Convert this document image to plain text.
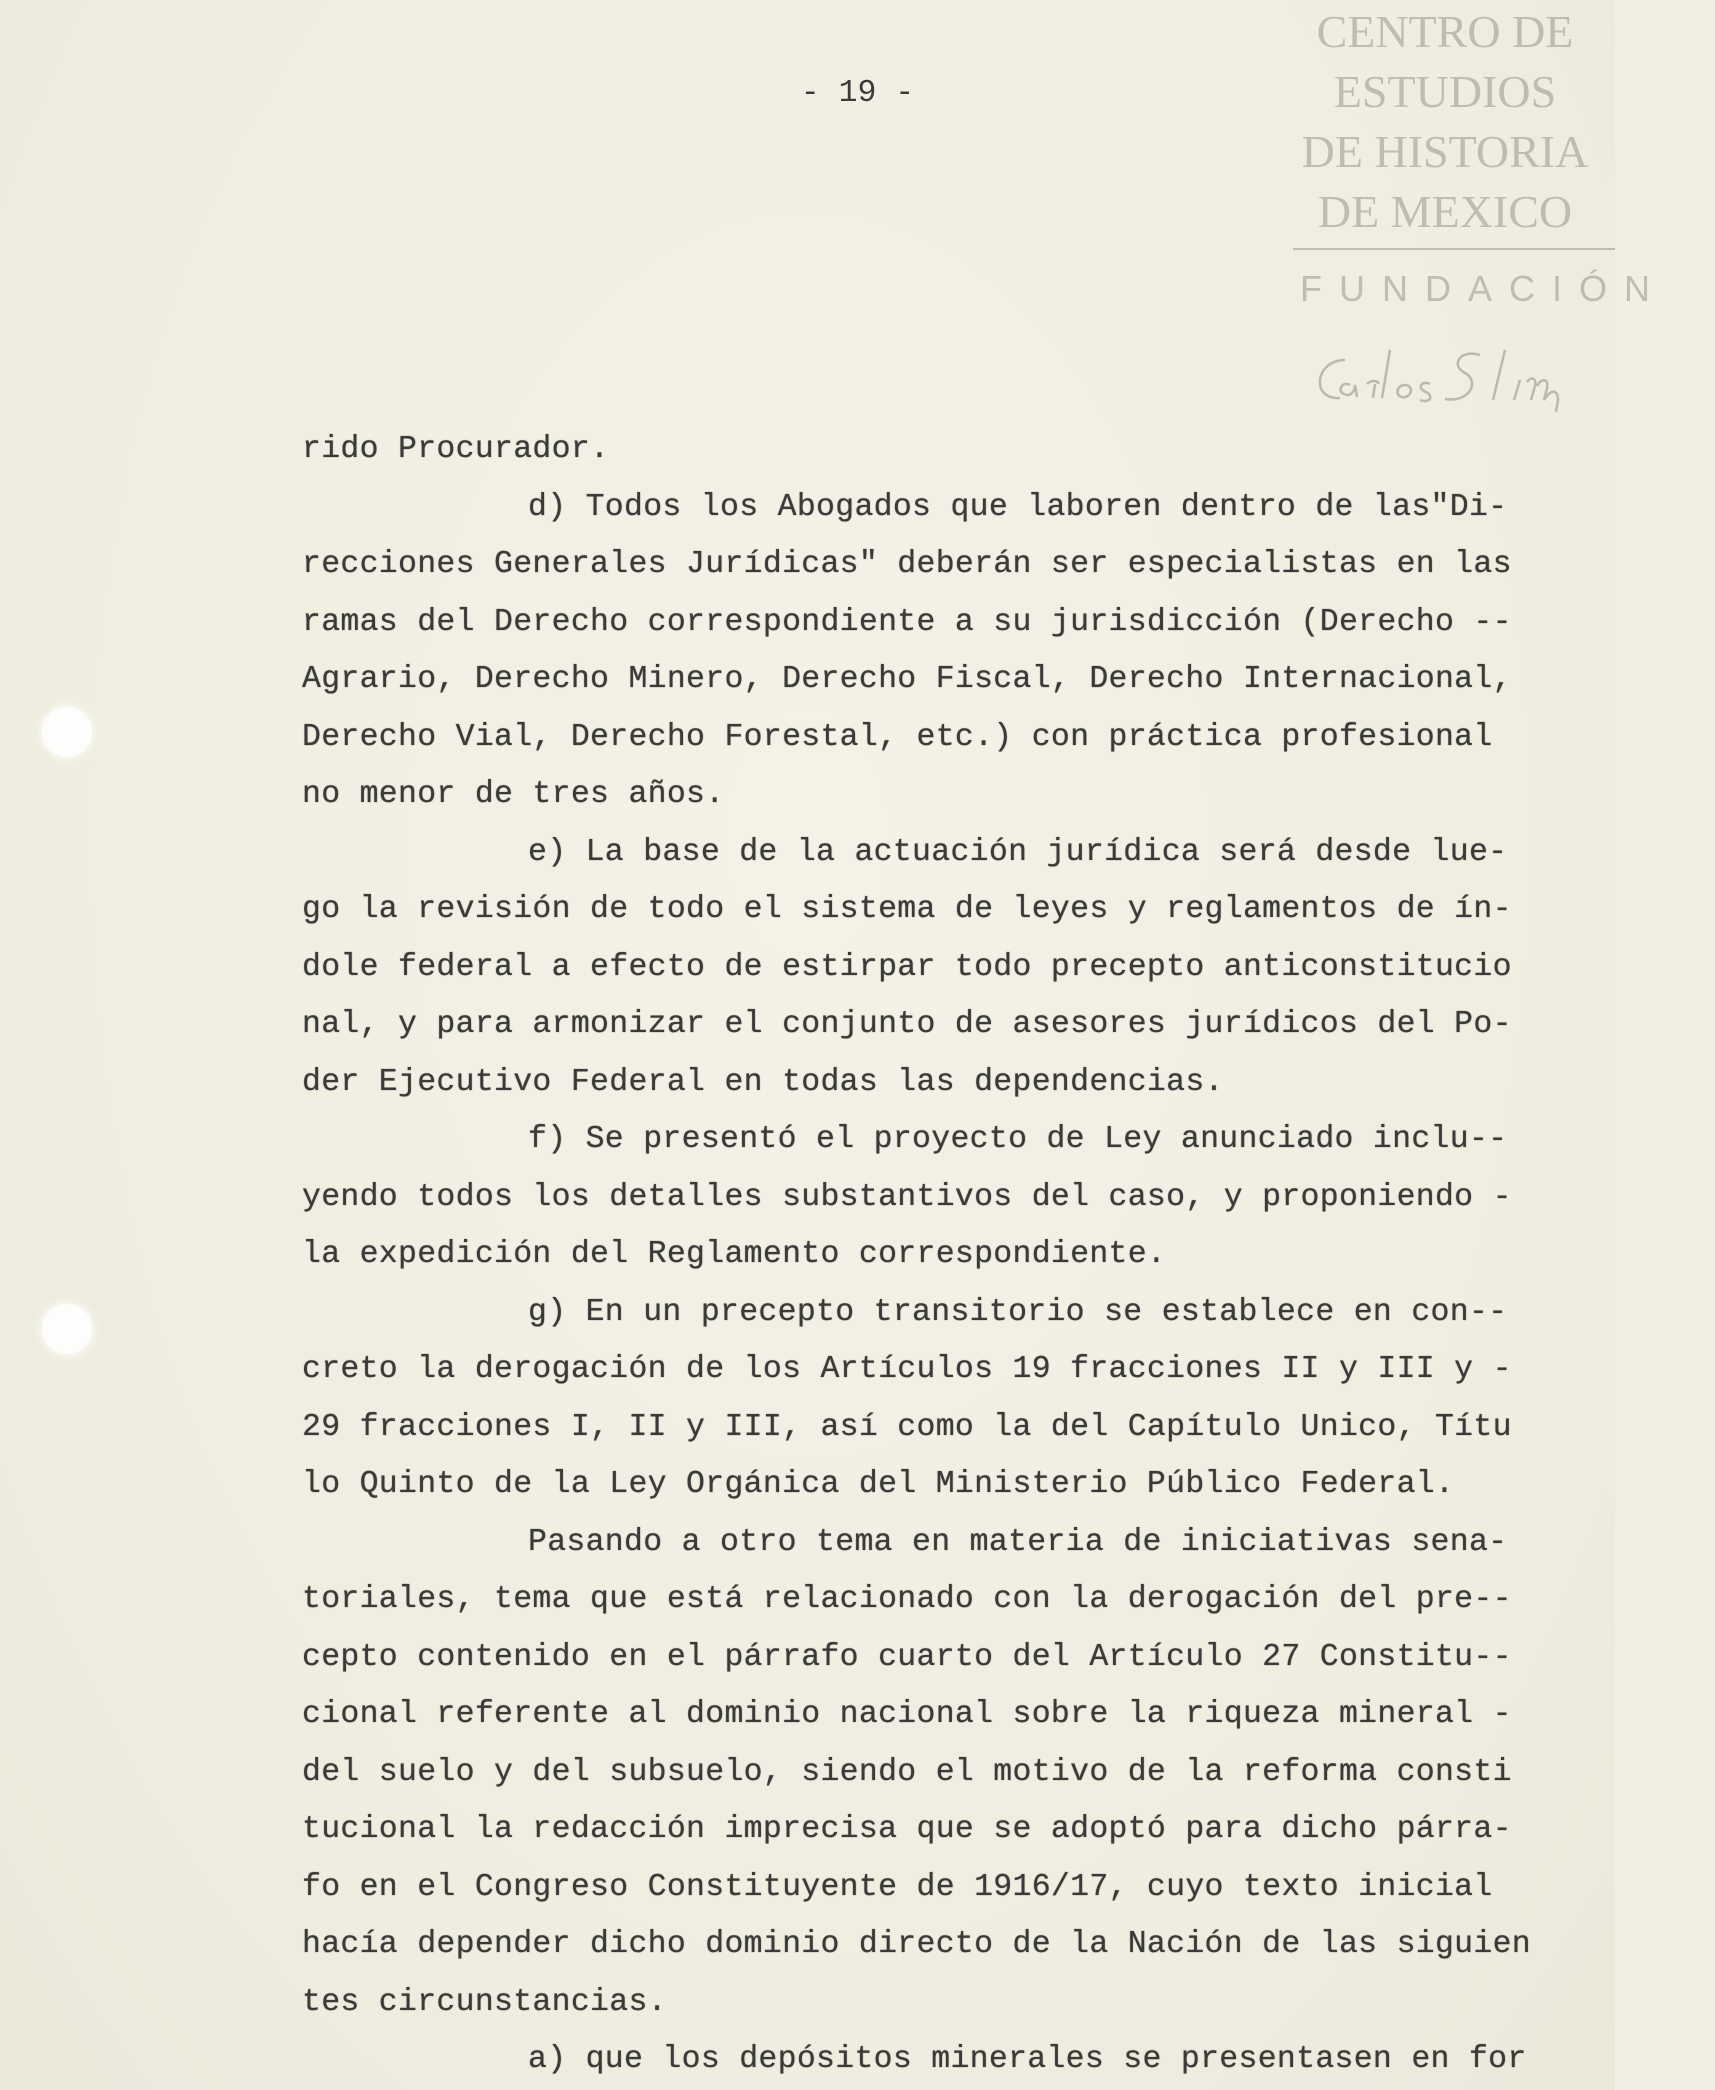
- 19 -
CENTRO DE
ESTUDIOS
DE HISTORIA
DE MEXICO
FUNDACIÓN
rido Procurador.
d) Todos los Abogados que laboren dentro de las"Di-
recciones Generales Jurídicas" deberán ser especialistas en las
ramas del Derecho correspondiente a su jurisdicción (Derecho --
Agrario, Derecho Minero, Derecho Fiscal, Derecho Internacional,
Derecho Vial, Derecho Forestal, etc.) con práctica profesional
no menor de tres años.
e) La base de la actuación jurídica será desde lue-
go la revisión de todo el sistema de leyes y reglamentos de ín-
dole federal a efecto de estirpar todo precepto anticonstitucio
nal, y para armonizar el conjunto de asesores jurídicos del Po-
der Ejecutivo Federal en todas las dependencias.
f) Se presentó el proyecto de Ley anunciado inclu--
yendo todos los detalles substantivos del caso, y proponiendo -
la expedición del Reglamento correspondiente.
g) En un precepto transitorio se establece en con--
creto la derogación de los Artículos 19 fracciones II y III y -
29 fracciones I, II y III, así como la del Capítulo Unico, Títu
lo Quinto de la Ley Orgánica del Ministerio Público Federal.
Pasando a otro tema en materia de iniciativas sena-
toriales, tema que está relacionado con la derogación del pre--
cepto contenido en el párrafo cuarto del Artículo 27 Constitu--
cional referente al dominio nacional sobre la riqueza mineral -
del suelo y del subsuelo, siendo el motivo de la reforma consti
tucional la redacción imprecisa que se adoptó para dicho párra-
fo en el Congreso Constituyente de 1916/17, cuyo texto inicial
hacía depender dicho dominio directo de la Nación de las siguien
tes circunstancias.
a) que los depósitos minerales se presentasen en for
